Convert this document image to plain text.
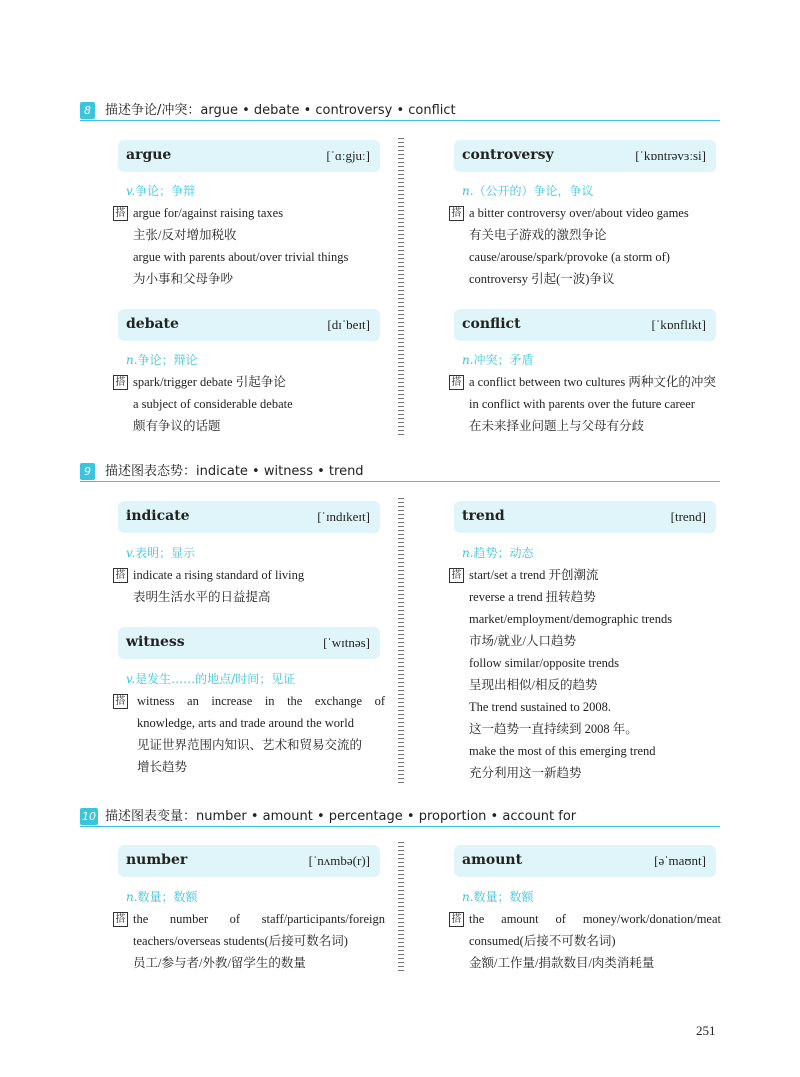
8	描述争论/冲突：argue • debate • controversy • conflict
argue	[ˈɑːgjuː]
v.争论；争辩
搭 argue for/against raising taxes
主张/反对增加税收
argue with parents about/over trivial things
为小事和父母争吵
controversy	[ˈkɒntrəvɜːsi]
n.（公开的）争论，争议
搭 a bitter controversy over/about video games
有关电子游戏的激烈争论
cause/arouse/spark/provoke (a storm of)
controversy 引起(一波)争议
debate	[dɪˈbeɪt]
n.争论；辩论
搭 spark/trigger debate 引起争论
a subject of considerable debate
颇有争议的话题
conflict	[ˈkɒnflɪkt]
n.冲突；矛盾
搭 a conflict between two cultures 两种文化的冲突
in conflict with parents over the future career
在未来择业问题上与父母有分歧
9	描述图表态势：indicate • witness • trend
indicate	[ˈɪndɪkeɪt]
v.表明；显示
搭 indicate a rising standard of living
表明生活水平的日益提高
witness	[ˈwɪtnəs]
v.是发生……的地点/时间；见证
搭 witness an increase in the exchange of
knowledge, arts and trade around the world
见证世界范围内知识、艺术和贸易交流的
增长趋势
trend	[trend]
n.趋势；动态
搭 start/set a trend 开创潮流
reverse a trend 扭转趋势
market/employment/demographic trends
市场/就业/人口趋势
follow similar/opposite trends
呈现出相似/相反的趋势
The trend sustained to 2008.
这一趋势一直持续到 2008 年。
make the most of this emerging trend
充分利用这一新趋势
10 描述图表变量：number • amount • percentage • proportion • account for
number	[ˈnʌmbə(r)]
n.数量；数额
搭 the number of staff/participants/foreign
teachers/overseas students(后接可数名词)
员工/参与者/外教/留学生的数量
amount	[əˈmaʊnt]
n.数量；数额
搭 the amount of money/work/donation/meat
consumed(后接不可数名词)
金额/工作量/捐款数目/肉类消耗量
251
